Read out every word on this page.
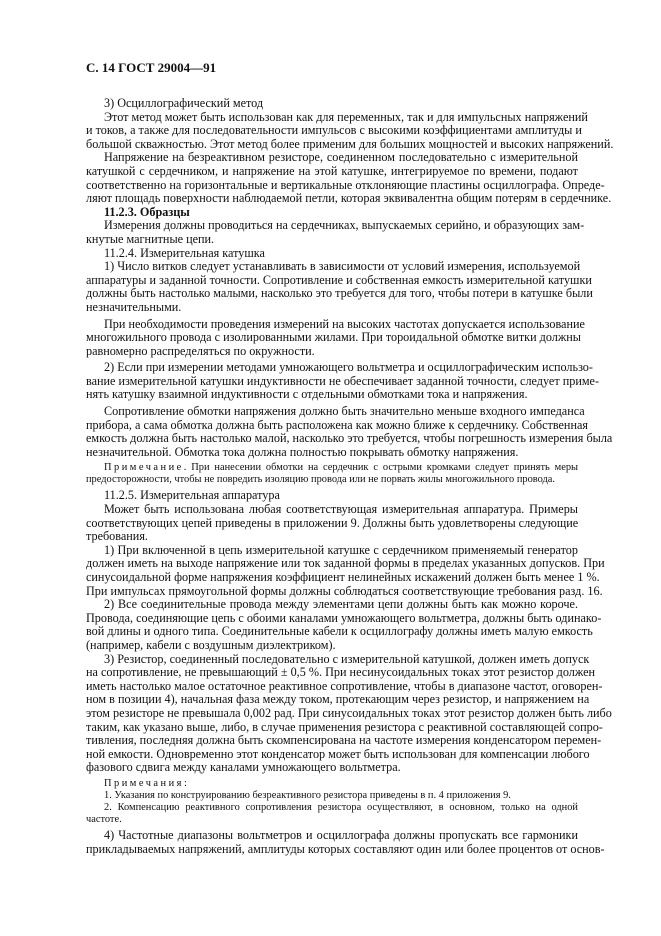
С. 14 ГОСТ 29004—91
3) Осциллографический метод
Этот метод может быть использован как для переменных, так и для импульсных напряжений
и токов, а также для последовательности импульсов с высокими коэффициентами амплитуды и
большой скважностью. Этот метод более применим для больших мощностей и высоких напряжений.
Напряжение на безреактивном резисторе, соединенном последовательно с измерительной
катушкой с сердечником, и напряжение на этой катушке, интегрируемое по времени, подают
соответственно на горизонтальные и вертикальные отклоняющие пластины осциллографа. Опреде-
ляют площадь поверхности наблюдаемой петли, которая эквивалентна общим потерям в сердечнике.
11.2.3. Образцы
Измерения должны проводиться на сердечниках, выпускаемых серийно, и образующих зам-
кнутые магнитные цепи.
11.2.4. Измерительная катушка
1) Число витков следует устанавливать в зависимости от условий измерения, используемой
аппаратуры и заданной точности. Сопротивление и собственная емкость измерительной катушки
должны быть настолько малыми, насколько это требуется для того, чтобы потери в катушке были
незначительными.
При необходимости проведения измерений на высоких частотах допускается использование
многожильного провода с изолированными жилами. При тороидальной обмотке витки должны
равномерно распределяться по окружности.
2) Если при измерении методами умножающего вольтметра и осциллографическим использо-
вание измерительной катушки индуктивности не обеспечивает заданной точности, следует приме-
нять катушку взаимной индуктивности с отдельными обмотками тока и напряжения.
Сопротивление обмотки напряжения должно быть значительно меньше входного импеданса
прибора, а сама обмотка должна быть расположена как можно ближе к сердечнику. Собственная
емкость должна быть настолько малой, насколько это требуется, чтобы погрешность измерения была
незначительной. Обмотка тока должна полностью покрывать обмотку напряжения.
Примечание. При нанесении обмотки на сердечник с острыми кромками следует принять меры
предосторожности, чтобы не повредить изоляцию провода или не порвать жилы многожильного провода.
11.2.5. Измерительная аппаратура
Может быть использована любая соответствующая измерительная аппаратура. Примеры
соответствующих цепей приведены в приложении 9. Должны быть удовлетворены следующие
требования.
1) При включенной в цепь измерительной катушке с сердечником применяемый генератор
должен иметь на выходе напряжение или ток заданной формы в пределах указанных допусков. При
синусоидальной форме напряжения коэффициент нелинейных искажений должен быть менее 1 %.
При импульсах прямоугольной формы должны соблюдаться соответствующие требования разд. 16.
2) Все соединительные провода между элементами цепи должны быть как можно короче.
Провода, соединяющие цепь с обоими каналами умножающего вольтметра, должны быть одинако-
вой длины и одного типа. Соединительные кабели к осциллографу должны иметь малую емкость
(например, кабели с воздушным диэлектриком).
3) Резистор, соединенный последовательно с измерительной катушкой, должен иметь допуск
на сопротивление, не превышающий ± 0,5 %. При несинусоидальных токах этот резистор должен
иметь настолько малое остаточное реактивное сопротивление, чтобы в диапазоне частот, оговорен-
ном в позиции 4), начальная фаза между током, протекающим через резистор, и напряжением на
этом резисторе не превышала 0,002 рад. При синусоидальных токах этот резистор должен быть либо
таким, как указано выше, либо, в случае применения резистора с реактивной составляющей сопро-
тивления, последняя должна быть скомпенсирована на частоте измерения конденсатором перемен-
ной емкости. Одновременно этот конденсатор может быть использован для компенсации любого
фазового сдвига между каналами умножающего вольтметра.
Примечания:
1. Указания по конструированию безреактивного резистора приведены в п. 4 приложения 9.
2. Компенсацию реактивного сопротивления резистора осуществляют, в основном, только на одной
частоте.
4) Частотные диапазоны вольтметров и осциллографа должны пропускать все гармоники
прикладываемых напряжений, амплитуды которых составляют один или более процентов от основ-
